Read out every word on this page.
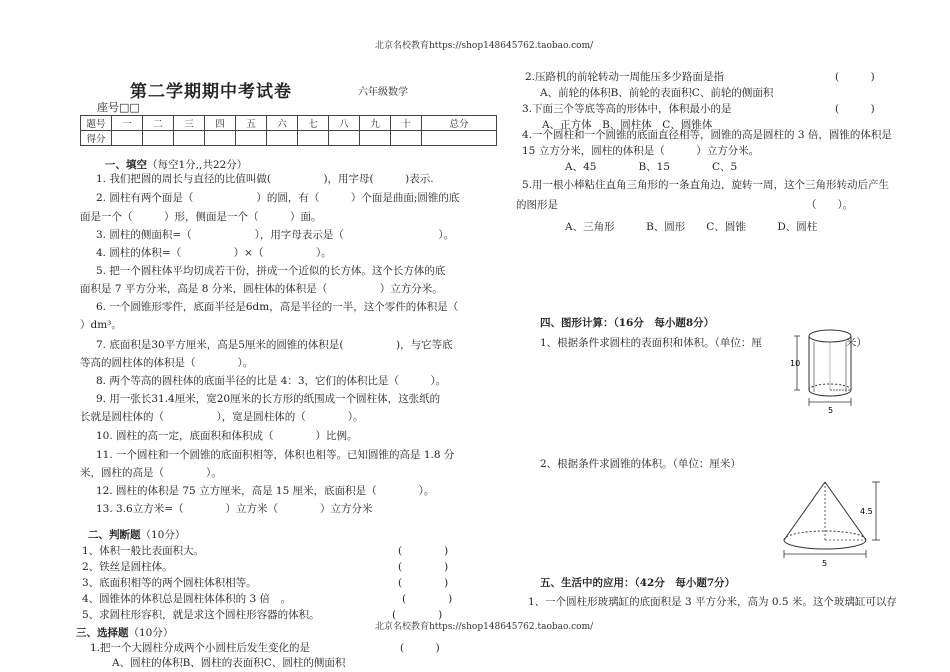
北京名校教育https://shop148645762.taobao.com/
北京名校教育https://shop148645762.taobao.com/
第二学期期中考试卷	六年级数学
座号□□
题号	一	二	三	四	五	六	七	八	九	十	总分
得分											
一、填空（每空1分,,共22分）
1. 我们把圆的周长与直径的比值叫做(　　　　　)，用字母(　　　)表示.
2. 圆柱有两个面是（　　　　　　）的圆，有（　　　）个面是曲面;圆锥的底
面是一个（　　　）形，侧面是一个（　　　）面。
3. 圆柱的侧面积=（　　　　　　），用字母表示是（　　　　　　　　　）。
4. 圆柱的体积=（　　　　　）×（　　　　　）。
5. 把一个圆柱体平均切成若干份，拼成一个近似的长方体。这个长方体的底
面积是 7 平方分米，高是 8 分米，圆柱体的体积是（　　　　　）立方分米。
6. 一个圆锥形零件，底面半径是6dm，高是半径的一半，这个零件的体积是（
）dm³。
7. 底面积是30平方厘米，高是5厘米的圆锥的体积是(　　　　　)，与它等底
等高的圆柱体的体积是（　　　　）。
8. 两个等高的圆柱体的底面半径的比是 4：3，它们的体积比是（　　　）。
9. 用一张长31.4厘米，宽20厘米的长方形的纸围成一个圆柱体，这张纸的
长就是圆柱体的（　　　　　），宽是圆柱体的（　　　　）。
10. 圆柱的高一定，底面积和体积成（　　　　）比例。
11. 一个圆柱和一个圆锥的底面积相等，体积也相等。已知圆锥的高是 1.8 分
米，圆柱的高是（　　　　）。
12. 圆柱的体积是 75 立方厘米，高是 15 厘米，底面积是（　　　　）。
13. 3.6立方米=（　　　　）立方米（　　　　）立方分米
二、判断题（10分）
1、体积一般比表面积大。	(　　　　)
2、铁丝是圆柱体。	(　　　　)
3、底面积相等的两个圆柱体积相等。	(　　　　)
4、圆锥体的体积总是圆柱体体积的 3 倍　。	(　　　　)
5、求圆柱形容积，就是求这个圆柱形容器的体积。	(　　　　)
三、选择题（10分）
1.把一个大圆柱分成两个小圆柱后发生变化的是	(　　　)
A、圆柱的体积B、圆柱的表面积C、圆柱的侧面积
2.压路机的前轮转动一周能压多少路面是指	(　　　)
A、前轮的体积B、前轮的表面积C、前轮的侧面积
3.下面三个等底等高的形体中，体积最小的是	(　　　)
A、正方体　B、圆柱体　C、圆锥体
4.一个圆柱和一个圆锥的底面直径相等，圆锥的高是圆柱的 3 倍，圆锥的体积是
15 立方分米，圆柱的体积是（　　　）立方分米。
A、45　　　　B、15　　　　C、5
5.用一根小棒粘住直角三角形的一条直角边，旋转一周，这个三角形转动后产生
的图形是	（　　）。
A、三角形　　　B、圆形　　C、圆锥　　　D、圆柱
四、图形计算：（16分　每小题8分）
1、根据条件求圆柱的表面积和体积。（单位：厘　　　　　　　　米）
10
5
2、根据条件求圆锥的体积。（单位：厘米）
4.5
5
五、生活中的应用：（42分　每小题7分）
1、一个圆柱形玻璃缸的底面积是 3 平方分米，高为 0.5 米。这个玻璃缸可以存
